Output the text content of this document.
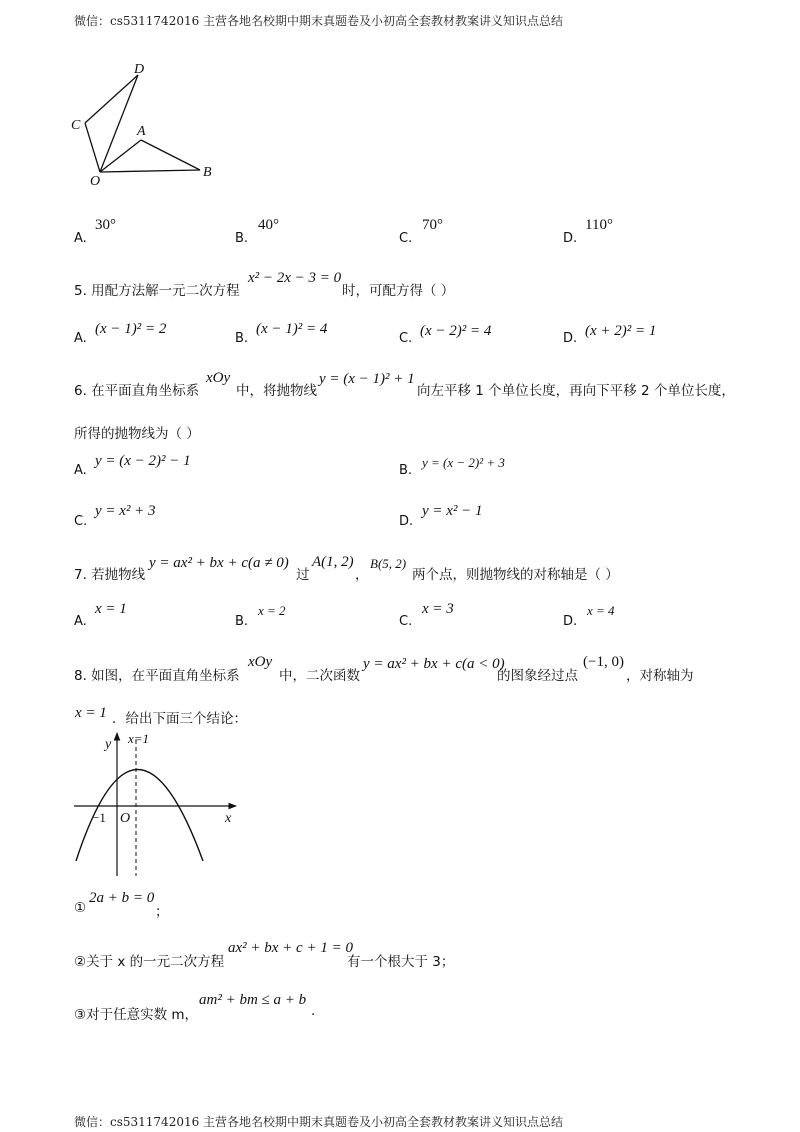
微信：cs5311742016 主营各地名校期中期末真题卷及小初高全套教材教案讲义知识点总结
D
C	A
O
B
A.
30°
B.
40°
C.
70°
D.
110°
5. 用配方法解一元二次方程
x² − 2x − 3 = 0
时，可配方得（ ）
A.
(x − 1)² = 2
B.
(x − 1)² = 4
C. (x − 2)² = 4	D. (x + 2)² = 1
6. 在平面直角坐标系
xOy
中，将抛物线
y = (x − 1)² + 1
向左平移 1 个单位长度，再向下平移 2 个单位长度，
所得的抛物线为（ ）
A.
y = (x − 2)² − 1
B.
y = (x − 2)² + 3
C.
y = x² + 3
D.
y = x² − 1
7. 若抛物线
y = ax² + bx + c(a ≠ 0)
过
A(1, 2)
，
B(5, 2)
两个点，则抛物线的对称轴是（ ）
A.
x = 1
B.
x = 2
C.
x = 3
D.
x = 4
8. 如图，在平面直角坐标系
xOy
中，二次函数
y = ax² + bx + c(a < 0)
的图象经过点
(−1, 0)
，对称轴为
x = 1 ．给出下面三个结论：
y x=1
x
O
−1
①
2a + b = 0
；
②关于 x 的一元二次方程
ax² + bx + c + 1 = 0
有一个根大于 3；
③对于任意实数 m，
am² + bm ≤ a + b
.
微信：cs5311742016 主营各地名校期中期末真题卷及小初高全套教材教案讲义知识点总结
